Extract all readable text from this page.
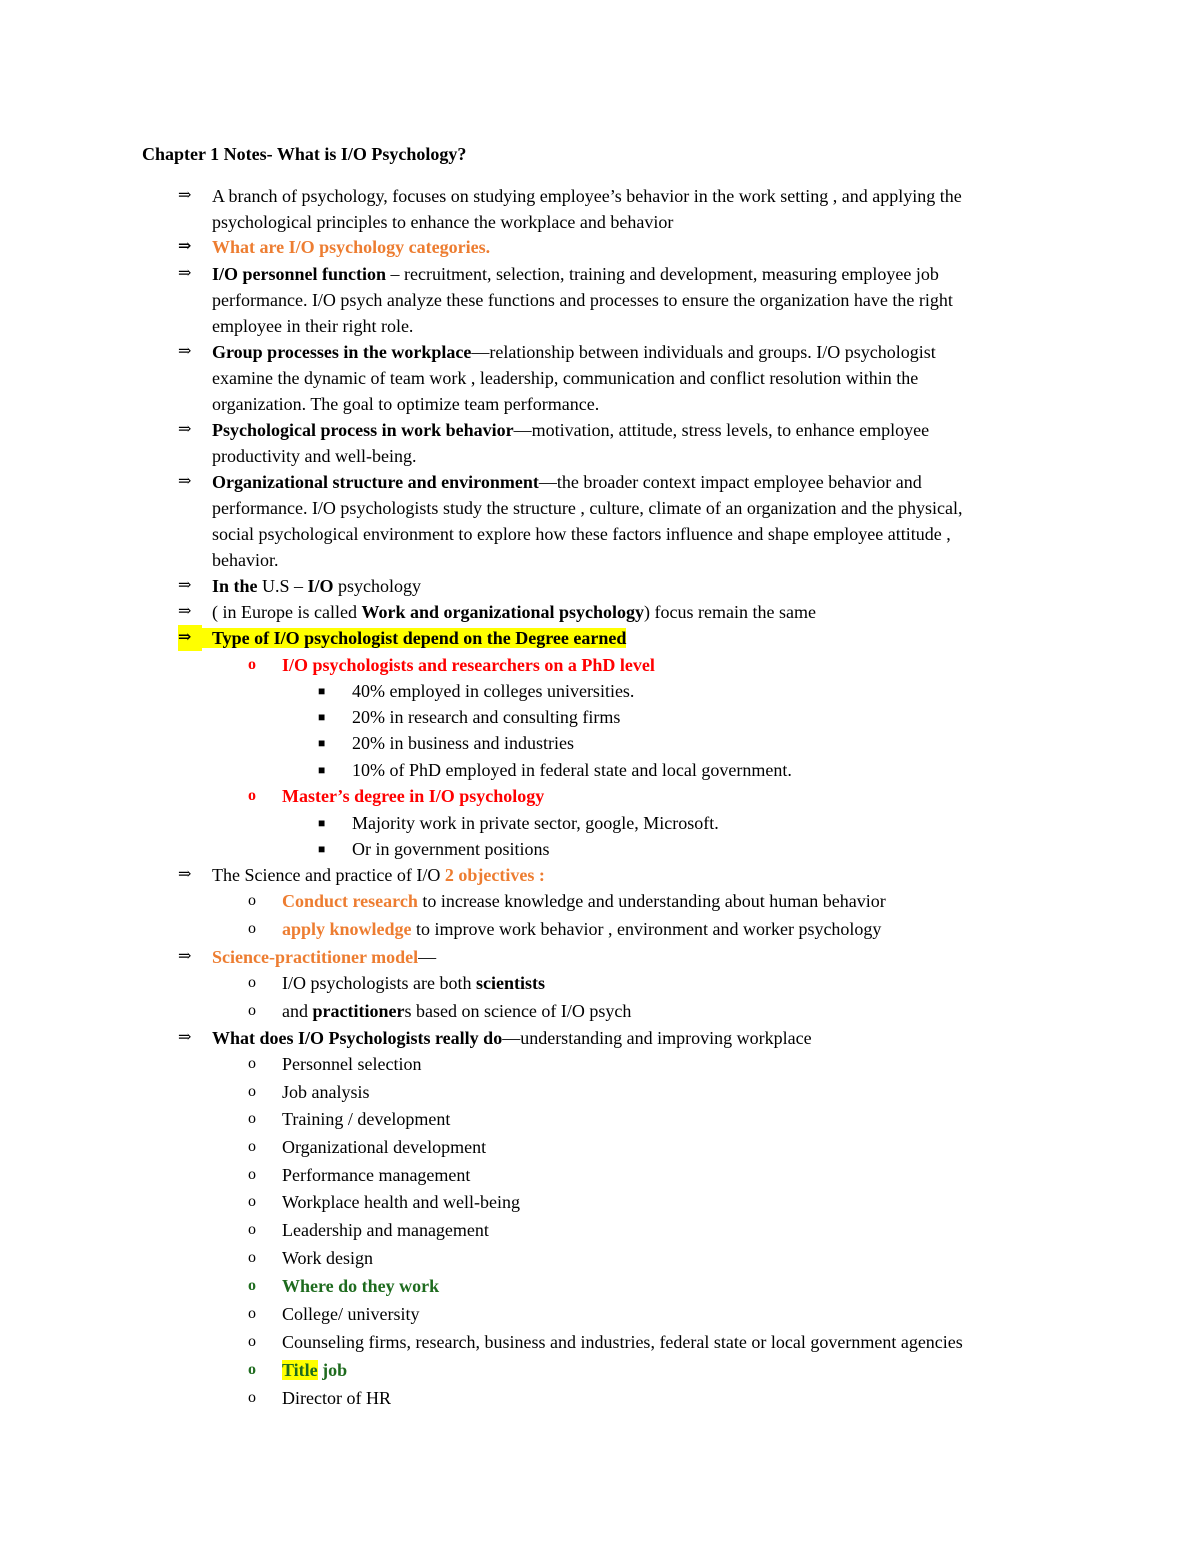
Chapter 1 Notes- What is I/O Psychology?
⇒	A branch of psychology, focuses on studying employee’s behavior in the work setting , and applying the
psychological principles to enhance the workplace and behavior
⇒	What are I/O psychology categories.
⇒	I/O personnel function – recruitment, selection, training and development, measuring employee job
performance. I/O psych analyze these functions and processes to ensure the organization have the right
employee in their right role.
⇒	Group processes in the workplace—relationship between individuals and groups. I/O psychologist
examine the dynamic of team work , leadership, communication and conflict resolution within the
organization. The goal to optimize team performance.
⇒	Psychological process in work behavior—motivation, attitude, stress levels, to enhance employee
productivity and well-being.
⇒	Organizational structure and environment—the broader context impact employee behavior and
performance. I/O psychologists study the structure , culture, climate of an organization and the physical,
social psychological environment to explore how these factors influence and shape employee attitude ,
behavior.
⇒	In the U.S – I/O psychology
⇒	( in Europe is called Work and organizational psychology) focus remain the same
⇒	Type of I/O psychologist depend on the Degree earned
o	I/O psychologists and researchers on a PhD level
■	40% employed in colleges universities.
■	20% in research and consulting firms
■	20% in business and industries
■	10% of PhD employed in federal state and local government.
o	Master’s degree in I/O psychology
■	Majority work in private sector, google, Microsoft.
■	Or in government positions
⇒	The Science and practice of I/O 2 objectives :
o	Conduct research to increase knowledge and understanding about human behavior
o	apply knowledge to improve work behavior , environment and worker psychology
⇒	Science-practitioner model—
o	I/O psychologists are both scientists
o	and practitioners based on science of I/O psych
⇒	What does I/O Psychologists really do—understanding and improving workplace
o	Personnel selection
o	Job analysis
o	Training / development
o	Organizational development
o	Performance management
o	Workplace health and well-being
o	Leadership and management
o	Work design
o	Where do they work
o	College/ university
o	Counseling firms, research, business and industries, federal state or local government agencies
o	Title job
o	Director of HR
